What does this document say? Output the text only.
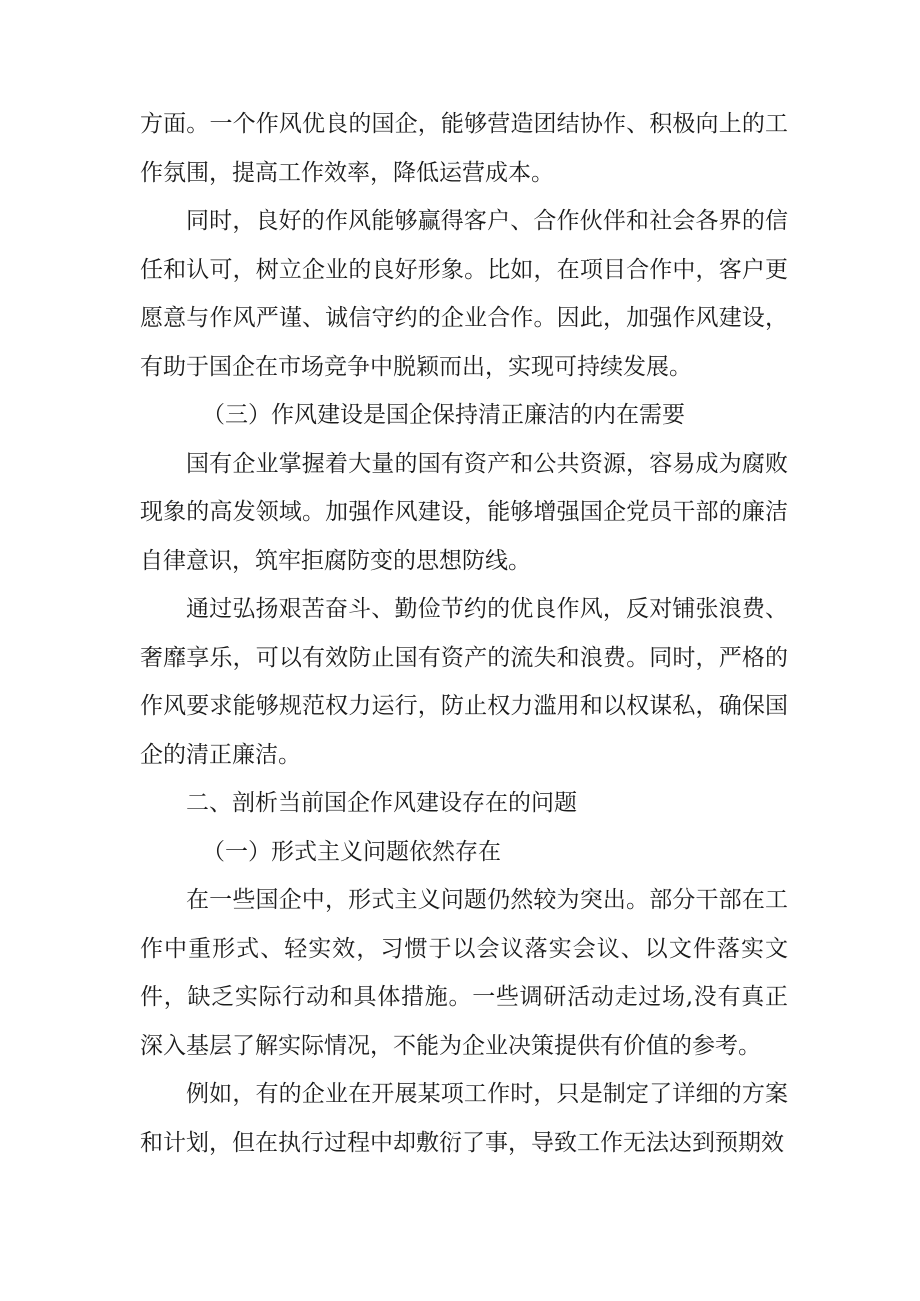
方面。一个作风优良的国企，能够营造团结协作、积极向上的工作氛围，提高工作效率，降低运营成本。

同时，良好的作风能够赢得客户、合作伙伴和社会各界的信任和认可，树立企业的良好形象。比如，在项目合作中，客户更愿意与作风严谨、诚信守约的企业合作。因此，加强作风建设，有助于国企在市场竞争中脱颖而出，实现可持续发展。

（三）作风建设是国企保持清正廉洁的内在需要

国有企业掌握着大量的国有资产和公共资源，容易成为腐败现象的高发领域。加强作风建设，能够增强国企党员干部的廉洁自律意识，筑牢拒腐防变的思想防线。

通过弘扬艰苦奋斗、勤俭节约的优良作风，反对铺张浪费、奢靡享乐，可以有效防止国有资产的流失和浪费。同时，严格的作风要求能够规范权力运行，防止权力滥用和以权谋私，确保国企的清正廉洁。

二、剖析当前国企作风建设存在的问题

（一）形式主义问题依然存在

在一些国企中，形式主义问题仍然较为突出。部分干部在工作中重形式、轻实效，习惯于以会议落实会议、以文件落实文件，缺乏实际行动和具体措施。一些调研活动走过场,没有真正深入基层了解实际情况，不能为企业决策提供有价值的参考。

例如，有的企业在开展某项工作时，只是制定了详细的方案和计划，但在执行过程中却敷衍了事，导致工作无法达到预期效
